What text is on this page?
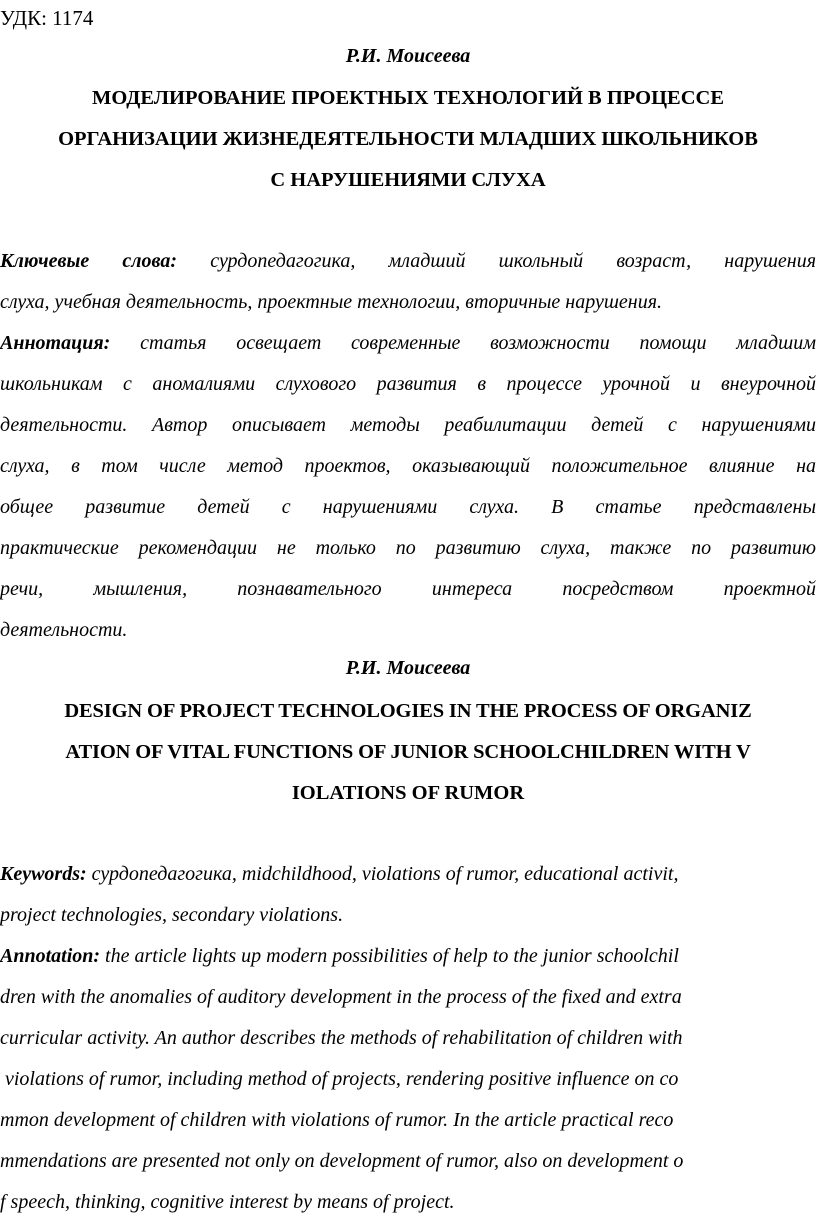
УДК: 1174
Р.И. Моисеева
МОДЕЛИРОВАНИЕ ПРОЕКТНЫХ ТЕХНОЛОГИЙ В ПРОЦЕССЕ
ОРГАНИЗАЦИИ ЖИЗНЕДЕЯТЕЛЬНОСТИ МЛАДШИХ ШКОЛЬНИКОВ
С НАРУШЕНИЯМИ СЛУХА
Ключевые слова: сурдопедагогика, младший школьный возраст, нарушения
слуха, учебная деятельность, проектные технологии, вторичные нарушения.
Аннотация: статья освещает современные возможности помощи младшим
школьникам с аномалиями слухового развития в процессе урочной и внеурочной
деятельности. Автор описывает методы реабилитации детей с нарушениями
слуха, в том числе метод проектов, оказывающий положительное влияние на
общее развитие детей с нарушениями слуха. В статье представлены
практические рекомендации не только по развитию слуха, также по развитию
речи, мышления, познавательного интереса посредством проектной
деятельности.
Р.И. Моисеева
DESIGN OF PROJECT TECHNOLOGIES IN THE PROCESS OF ORGANIZ
ATION OF VITAL FUNCTIONS OF JUNIOR SCHOOLCHILDREN WITH V
IOLATIONS OF RUMOR
Keywords: сурдопедагогика, midchildhood, violations of rumor, educational activit,
project technologies, secondary violations.
Annotation: the article lights up modern possibilities of help to the junior schoolchil
dren with the anomalies of auditory development in the process of the fixed and extra
curricular activity. An author describes the methods of rehabilitation of children with
violations of rumor, including method of projects, rendering positive influence on co
mmon development of children with violations of rumor. In the article practical reco
mmendations are presented not only on development of rumor, also on development o
f speech, thinking, cognitive interest by means of project.
